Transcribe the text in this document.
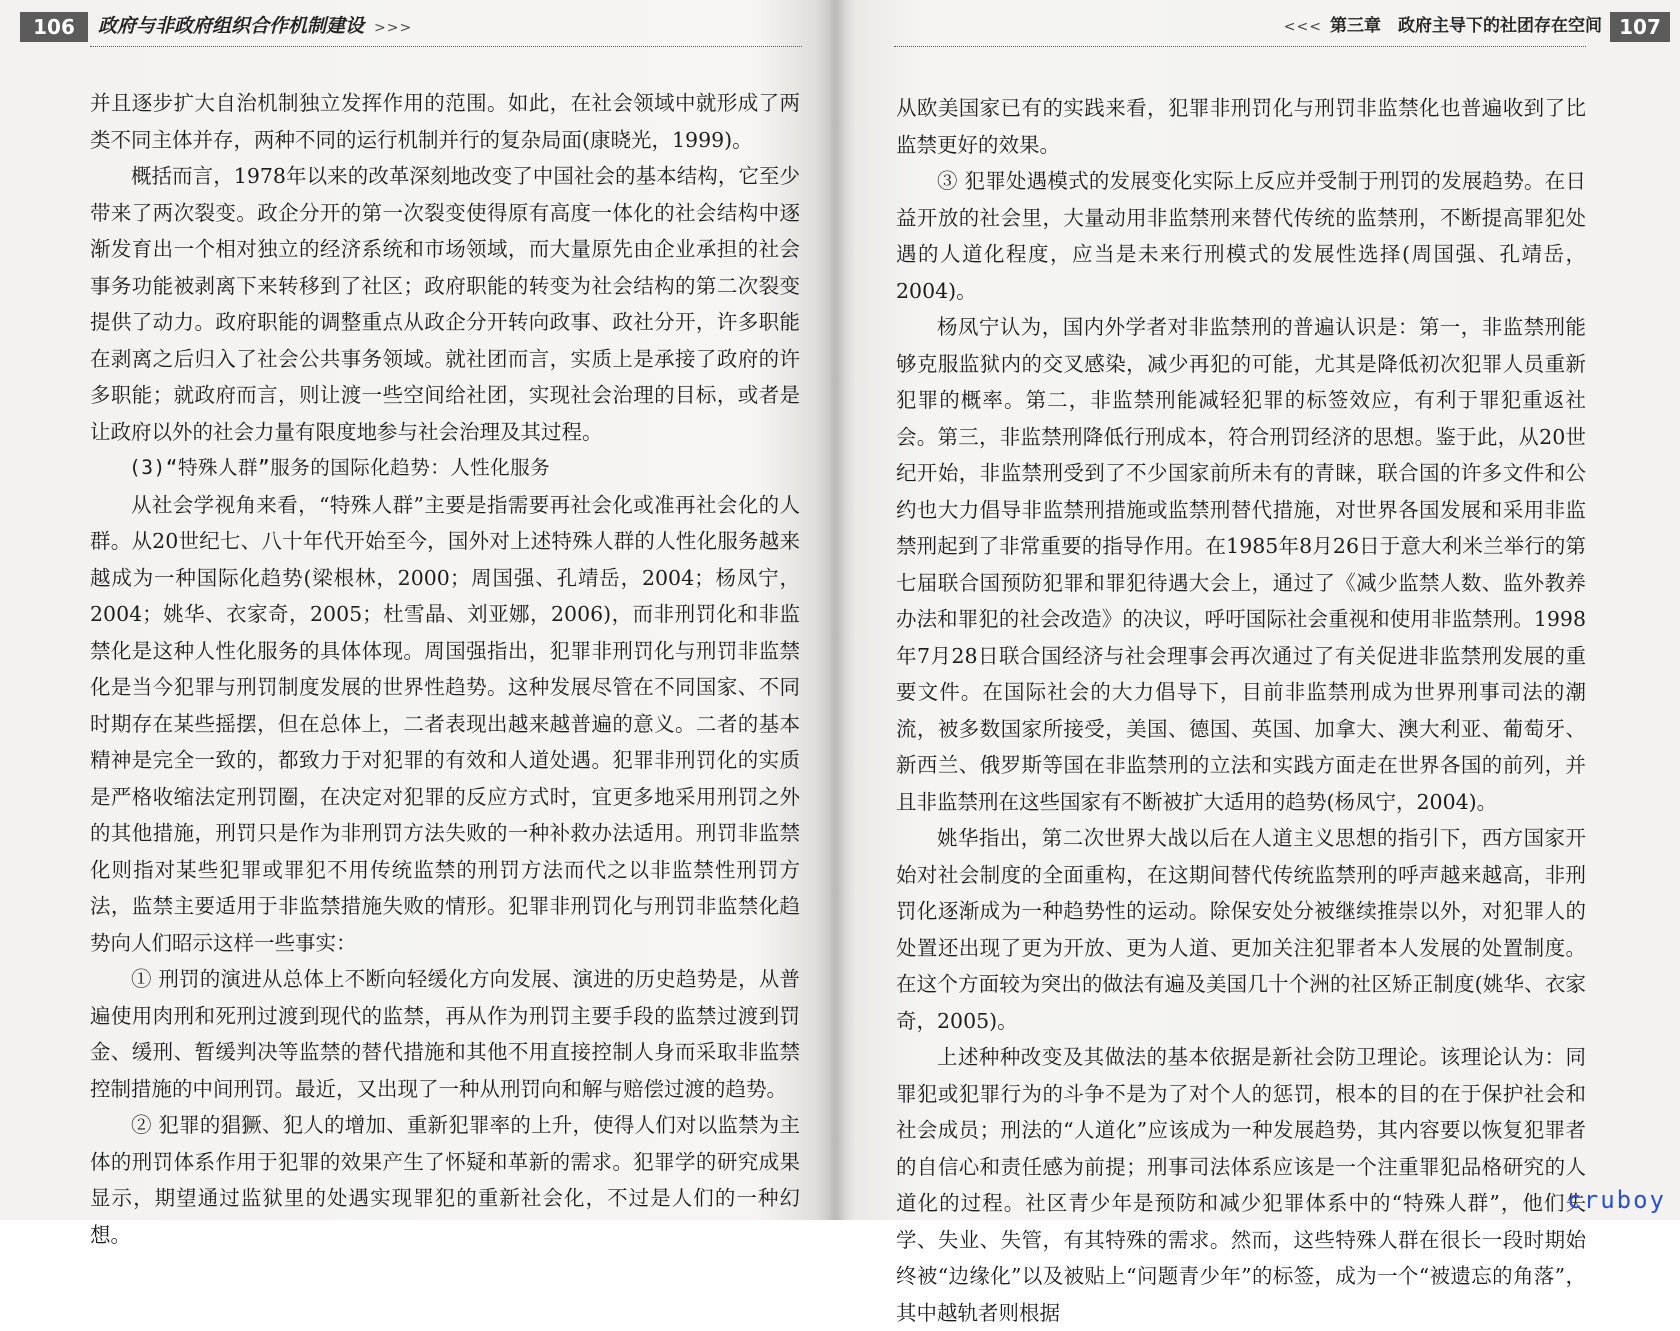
106	政府与非政府组织合作机制建设 >>>

并且逐步扩大自治机制独立发挥作用的范围。如此，在社会领域中就形成了两类不同主体并存，两种不同的运行机制并行的复杂局面(康晓光，1999)。

概括而言，1978年以来的改革深刻地改变了中国社会的基本结构，它至少带来了两次裂变。政企分开的第一次裂变使得原有高度一体化的社会结构中逐渐发育出一个相对独立的经济系统和市场领域，而大量原先由企业承担的社会事务功能被剥离下来转移到了社区；政府职能的转变为社会结构的第二次裂变提供了动力。政府职能的调整重点从政企分开转向政事、政社分开，许多职能在剥离之后归入了社会公共事务领域。就社团而言，实质上是承接了政府的许多职能；就政府而言，则让渡一些空间给社团，实现社会治理的目标，或者是让政府以外的社会力量有限度地参与社会治理及其过程。

(3)“特殊人群”服务的国际化趋势：人性化服务

从社会学视角来看，“特殊人群”主要是指需要再社会化或准再社会化的人群。从20世纪七、八十年代开始至今，国外对上述特殊人群的人性化服务越来越成为一种国际化趋势(梁根林，2000；周国强、孔靖岳，2004；杨凤宁，2004；姚华、衣家奇，2005；杜雪晶、刘亚娜，2006)，而非刑罚化和非监禁化是这种人性化服务的具体体现。周国强指出，犯罪非刑罚化与刑罚非监禁化是当今犯罪与刑罚制度发展的世界性趋势。这种发展尽管在不同国家、不同时期存在某些摇摆，但在总体上，二者表现出越来越普遍的意义。二者的基本精神是完全一致的，都致力于对犯罪的有效和人道处遇。犯罪非刑罚化的实质是严格收缩法定刑罚圈，在决定对犯罪的反应方式时，宜更多地采用刑罚之外的其他措施，刑罚只是作为非刑罚方法失败的一种补救办法适用。刑罚非监禁化则指对某些犯罪或罪犯不用传统监禁的刑罚方法而代之以非监禁性刑罚方法，监禁主要适用于非监禁措施失败的情形。犯罪非刑罚化与刑罚非监禁化趋势向人们昭示这样一些事实：

① 刑罚的演进从总体上不断向轻缓化方向发展、演进的历史趋势是，从普遍使用肉刑和死刑过渡到现代的监禁，再从作为刑罚主要手段的监禁过渡到罚金、缓刑、暂缓判决等监禁的替代措施和其他不用直接控制人身而采取非监禁控制措施的中间刑罚。最近，又出现了一种从刑罚向和解与赔偿过渡的趋势。

② 犯罪的猖獗、犯人的增加、重新犯罪率的上升，使得人们对以监禁为主体的刑罚体系作用于犯罪的效果产生了怀疑和革新的需求。犯罪学的研究成果显示，期望通过监狱里的处遇实现罪犯的重新社会化，不过是人们的一种幻想。

<<< 第三章　政府主导下的社团存在空间 107

从欧美国家已有的实践来看，犯罪非刑罚化与刑罚非监禁化也普遍收到了比监禁更好的效果。

③ 犯罪处遇模式的发展变化实际上反应并受制于刑罚的发展趋势。在日益开放的社会里，大量动用非监禁刑来替代传统的监禁刑，不断提高罪犯处遇的人道化程度，应当是未来行刑模式的发展性选择(周国强、孔靖岳，2004)。

杨凤宁认为，国内外学者对非监禁刑的普遍认识是：第一，非监禁刑能够克服监狱内的交叉感染，减少再犯的可能，尤其是降低初次犯罪人员重新犯罪的概率。第二，非监禁刑能减轻犯罪的标签效应，有利于罪犯重返社会。第三，非监禁刑降低行刑成本，符合刑罚经济的思想。鉴于此，从20世纪开始，非监禁刑受到了不少国家前所未有的青睐，联合国的许多文件和公约也大力倡导非监禁刑措施或监禁刑替代措施，对世界各国发展和采用非监禁刑起到了非常重要的指导作用。在1985年8月26日于意大利米兰举行的第七届联合国预防犯罪和罪犯待遇大会上，通过了《减少监禁人数、监外教养办法和罪犯的社会改造》的决议，呼吁国际社会重视和使用非监禁刑。1998年7月28日联合国经济与社会理事会再次通过了有关促进非监禁刑发展的重要文件。在国际社会的大力倡导下，目前非监禁刑成为世界刑事司法的潮流，被多数国家所接受，美国、德国、英国、加拿大、澳大利亚、葡萄牙、新西兰、俄罗斯等国在非监禁刑的立法和实践方面走在世界各国的前列，并且非监禁刑在这些国家有不断被扩大适用的趋势(杨凤宁，2004)。

姚华指出，第二次世界大战以后在人道主义思想的指引下，西方国家开始对社会制度的全面重构，在这期间替代传统监禁刑的呼声越来越高，非刑罚化逐渐成为一种趋势性的运动。除保安处分被继续推崇以外，对犯罪人的处置还出现了更为开放、更为人道、更加关注犯罪者本人发展的处置制度。在这个方面较为突出的做法有遍及美国几十个洲的社区矫正制度(姚华、衣家奇，2005)。

上述种种改变及其做法的基本依据是新社会防卫理论。该理论认为：同罪犯或犯罪行为的斗争不是为了对个人的惩罚，根本的目的在于保护社会和社会成员；刑法的“人道化”应该成为一种发展趋势，其内容要以恢复犯罪者的自信心和责任感为前提；刑事司法体系应该是一个注重罪犯品格研究的人道化的过程。社区青少年是预防和减少犯罪体系中的“特殊人群”，他们失学、失业、失管，有其特殊的需求。然而，这些特殊人群在很长一段时期始终被“边缘化”以及被贴上“问题青少年”的标签，成为一个“被遗忘的角落”，其中越轨者则根据

cruboy
